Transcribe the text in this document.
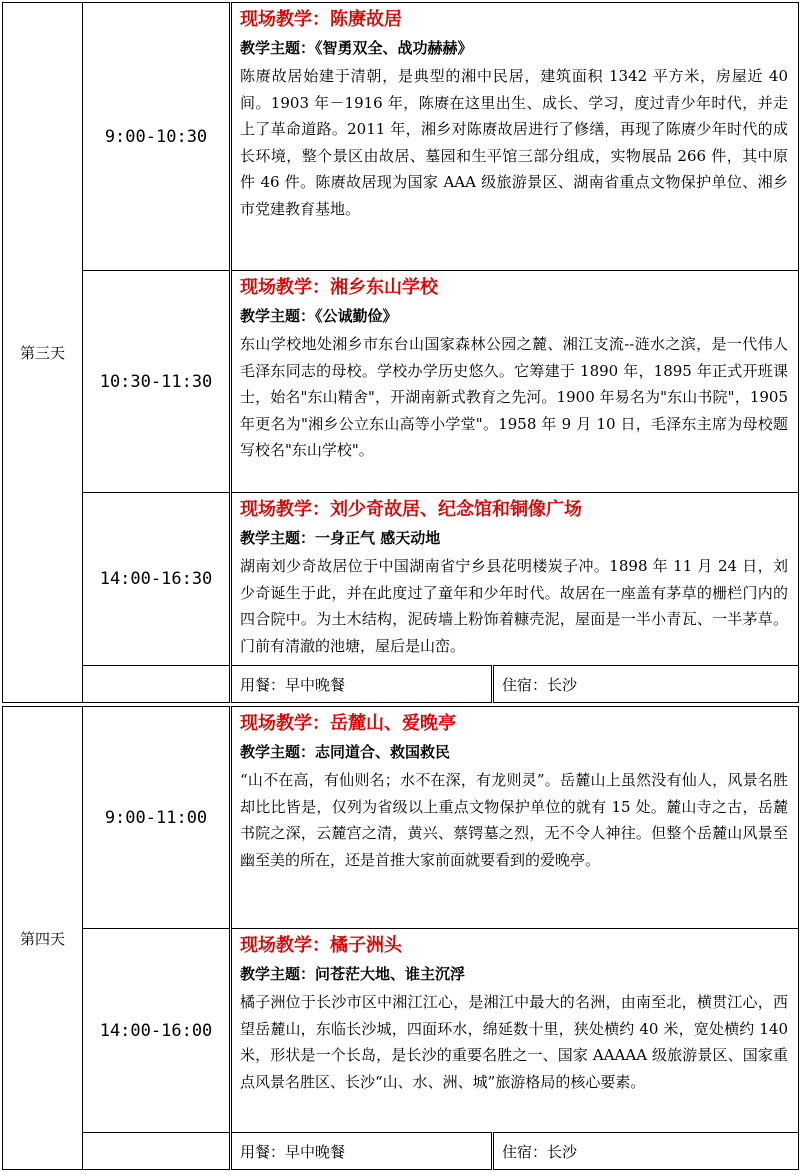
第三天	9:00-10:30	现场教学：陈赓故居
教学主题：《智勇双全、战功赫赫》
陈赓故居始建于清朝，是典型的湘中民居，建筑面积 1342 平方米，房屋近 40 间。1903 年－1916 年，陈赓在这里出生、成长、学习，度过青少年时代，并走上了革命道路。2011 年，湘乡对陈赓故居进行了修缮，再现了陈赓少年时代的成长环境，整个景区由故居、墓园和生平馆三部分组成，实物展品 266 件，其中原件 46 件。陈赓故居现为国家 AAA 级旅游景区、湖南省重点文物保护单位、湘乡市党建教育基地。	

	10:30-11:30	现场教学：湘乡东山学校
教学主题：《公诚勤俭》
东山学校地处湘乡市东台山国家森林公园之麓、湘江支流--涟水之滨，是一代伟人毛泽东同志的母校。学校办学历史悠久。它筹建于 1890 年，1895 年正式开班课士，始名"东山精舍"，开湖南新式教育之先河。1900 年易名为"东山书院"，1905 年更名为"湘乡公立东山高等小学堂"。1958 年 9 月 10 日，毛泽东主席为母校题写校名"东山学校"。	

	14:00-16:30	现场教学：刘少奇故居、纪念馆和铜像广场
教学主题：一身正气 感天动地
湖南刘少奇故居位于中国湖南省宁乡县花明楼炭子冲。1898 年 11 月 24 日，刘少奇诞生于此，并在此度过了童年和少年时代。故居在一座盖有茅草的栅栏门内的四合院中。为土木结构，泥砖墙上粉饰着糠壳泥，屋面是一半小青瓦、一半茅草。门前有清澈的池塘，屋后是山峦。	

		用餐：早中晚餐	住宿：长沙

第四天	9:00-11:00	现场教学：岳麓山、爱晚亭
教学主题：志同道合、救国救民
“山不在高，有仙则名；水不在深，有龙则灵”。岳麓山上虽然没有仙人，风景名胜却比比皆是，仅列为省级以上重点文物保护单位的就有 15 处。麓山寺之古，岳麓书院之深，云麓宫之清，黄兴、蔡锷墓之烈，无不令人神往。但整个岳麓山风景至幽至美的所在，还是首推大家前面就要看到的爱晚亭。	

	14:00-16:00	现场教学：橘子洲头
教学主题：问苍茫大地、谁主沉浮
橘子洲位于长沙市区中湘江江心，是湘江中最大的名洲，由南至北，横贯江心，西望岳麓山，东临长沙城，四面环水，绵延数十里，狭处横约 40 米，宽处横约 140 米，形状是一个长岛，是长沙的重要名胜之一、国家 AAAAA 级旅游景区、国家重点风景名胜区、长沙“山、水、洲、城”旅游格局的核心要素。	

		用餐：早中晚餐	住宿：长沙
